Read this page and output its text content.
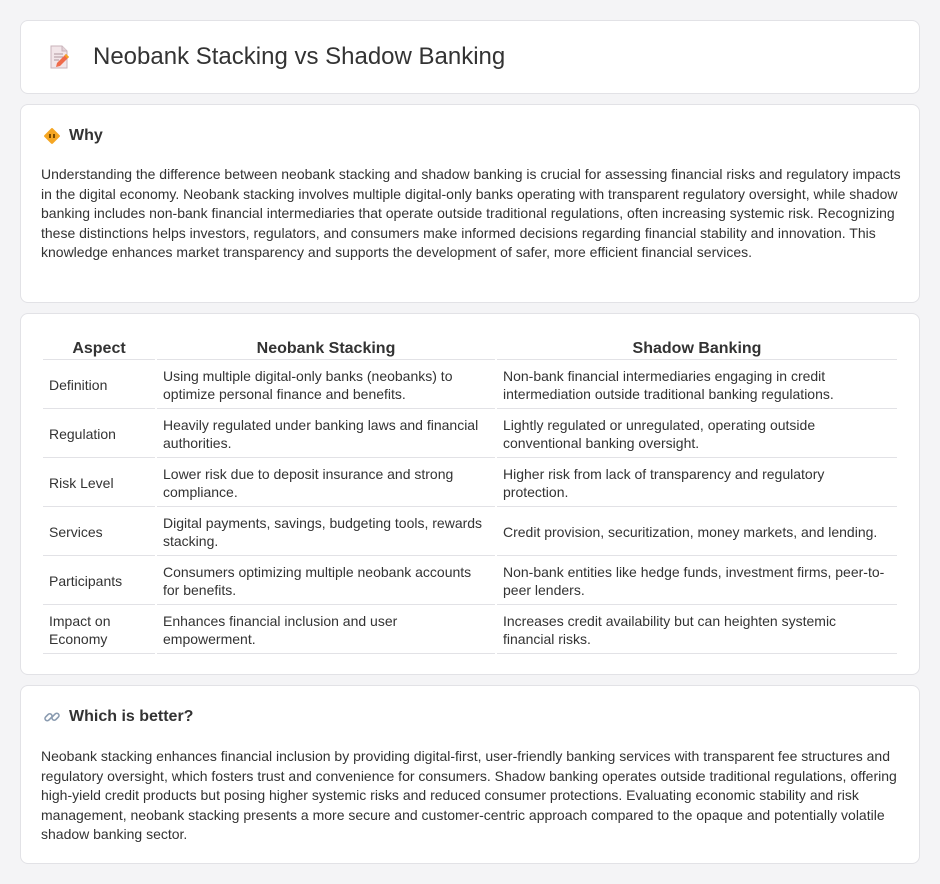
Neobank Stacking vs Shadow Banking
Why

Understanding the difference between neobank stacking and shadow banking is crucial for assessing financial risks and regulatory impacts in the digital economy. Neobank stacking involves multiple digital-only banks operating with transparent regulatory oversight, while shadow banking includes non-bank financial intermediaries that operate outside traditional regulations, often increasing systemic risk. Recognizing these distinctions helps investors, regulators, and consumers make informed decisions regarding financial stability and innovation. This knowledge enhances market transparency and supports the development of safer, more efficient financial services.

Aspect	Neobank Stacking	Shadow Banking
Definition	Using multiple digital-only banks (neobanks) to optimize personal finance and benefits.	Non-bank financial intermediaries engaging in credit intermediation outside traditional banking regulations.
Regulation	Heavily regulated under banking laws and financial authorities.	Lightly regulated or unregulated, operating outside conventional banking oversight.
Risk Level	Lower risk due to deposit insurance and strong compliance.	Higher risk from lack of transparency and regulatory protection.
Services	Digital payments, savings, budgeting tools, rewards stacking.	Credit provision, securitization, money markets, and lending.
Participants	Consumers optimizing multiple neobank accounts for benefits.	Non-bank entities like hedge funds, investment firms, peer-to-peer lenders.
Impact on Economy	Enhances financial inclusion and user empowerment.	Increases credit availability but can heighten systemic financial risks.
Which is better?

Neobank stacking enhances financial inclusion by providing digital-first, user-friendly banking services with transparent fee structures and regulatory oversight, which fosters trust and convenience for consumers. Shadow banking operates outside traditional regulations, offering high-yield credit products but posing higher systemic risks and reduced consumer protections. Evaluating economic stability and risk management, neobank stacking presents a more secure and customer-centric approach compared to the opaque and potentially volatile shadow banking sector.
